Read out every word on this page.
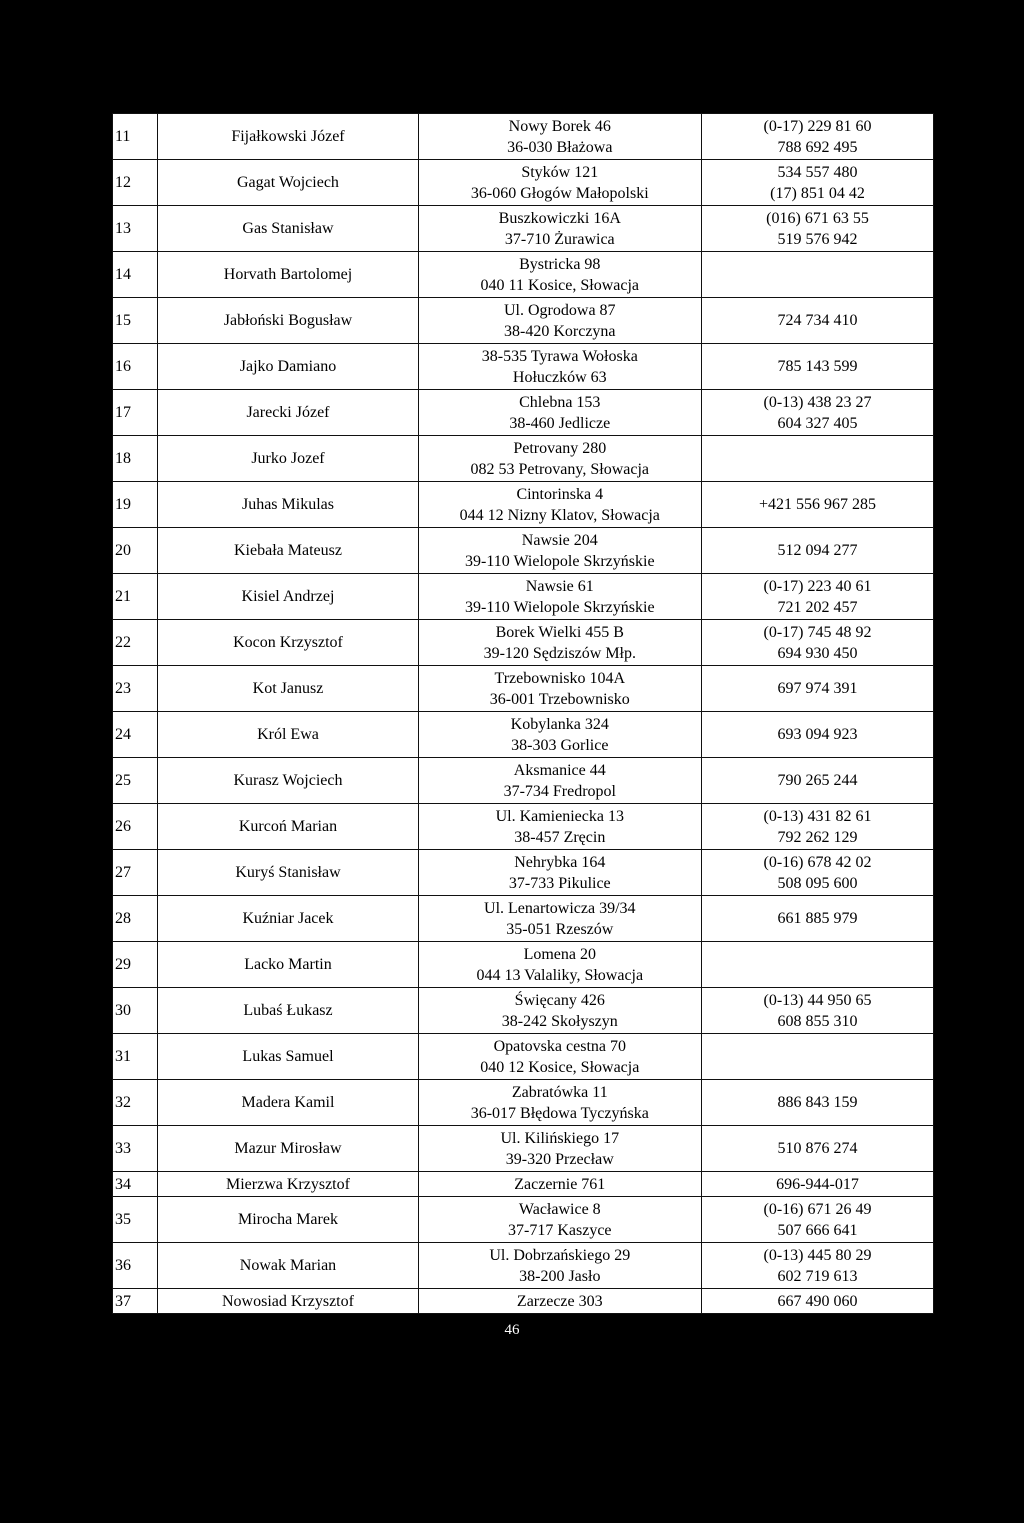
11	Fijałkowski Józef	Nowy Borek 46
36-030 Błażowa	(0-17) 229 81 60
788 692 495

12	Gagat Wojciech	Styków 121
36-060 Głogów Małopolski	534 557 480
(17) 851 04 42

13	Gas Stanisław	Buszkowiczki 16A
37-710 Żurawica	(016) 671 63 55
519 576 942

14	Horvath Bartolomej	Bystricka 98
040 11 Kosice, Słowacja	

15	Jabłoński Bogusław	Ul. Ogrodowa 87
38-420 Korczyna	724 734 410

16	Jajko Damiano	38-535 Tyrawa Wołoska
Hołuczków 63	785 143 599

17	Jarecki Józef	Chlebna 153
38-460 Jedlicze	(0-13) 438 23 27
604 327 405

18	Jurko Jozef	Petrovany 280
082 53 Petrovany, Słowacja	

19	Juhas Mikulas	Cintorinska 4
044 12 Nizny Klatov, Słowacja	+421 556 967 285

20	Kiebała Mateusz	Nawsie 204
39-110 Wielopole Skrzyńskie	512 094 277

21	Kisiel Andrzej	Nawsie 61
39-110 Wielopole Skrzyńskie	(0-17) 223 40 61
721 202 457

22	Kocon Krzysztof	Borek Wielki 455 B
39-120 Sędziszów Młp.	(0-17) 745 48 92
694 930 450

23	Kot Janusz	Trzebownisko 104A
36-001 Trzebownisko	697 974 391

24	Król Ewa	Kobylanka 324
38-303 Gorlice	693 094 923

25	Kurasz Wojciech	Aksmanice 44
37-734 Fredropol	790 265 244

26	Kurcoń Marian	Ul. Kamieniecka 13
38-457 Zręcin	(0-13) 431 82 61
792 262 129

27	Kuryś Stanisław	Nehrybka 164
37-733 Pikulice	(0-16) 678 42 02
508 095 600

28	Kuźniar Jacek	Ul. Lenartowicza 39/34
35-051 Rzeszów	661 885 979

29	Lacko Martin	Lomena 20
044 13 Valaliky, Słowacja	

30	Lubaś Łukasz	Święcany 426
38-242 Skołyszyn	(0-13) 44 950 65
608 855 310

31	Lukas Samuel	Opatovska cestna 70
040 12 Kosice, Słowacja	

32	Madera Kamil	Zabratówka 11
36-017 Błędowa Tyczyńska	886 843 159

33	Mazur Mirosław	Ul. Kilińskiego 17
39-320 Przecław	510 876 274

34	Mierzwa Krzysztof	Zaczernie 761	696-944-017

35	Mirocha Marek	Wacławice 8
37-717 Kaszyce	(0-16) 671 26 49
507 666 641

36	Nowak Marian	Ul. Dobrzańskiego 29
38-200 Jasło	(0-13) 445 80 29
602 719 613

37	Nowosiad Krzysztof	Zarzecze 303	667 490 060
46
